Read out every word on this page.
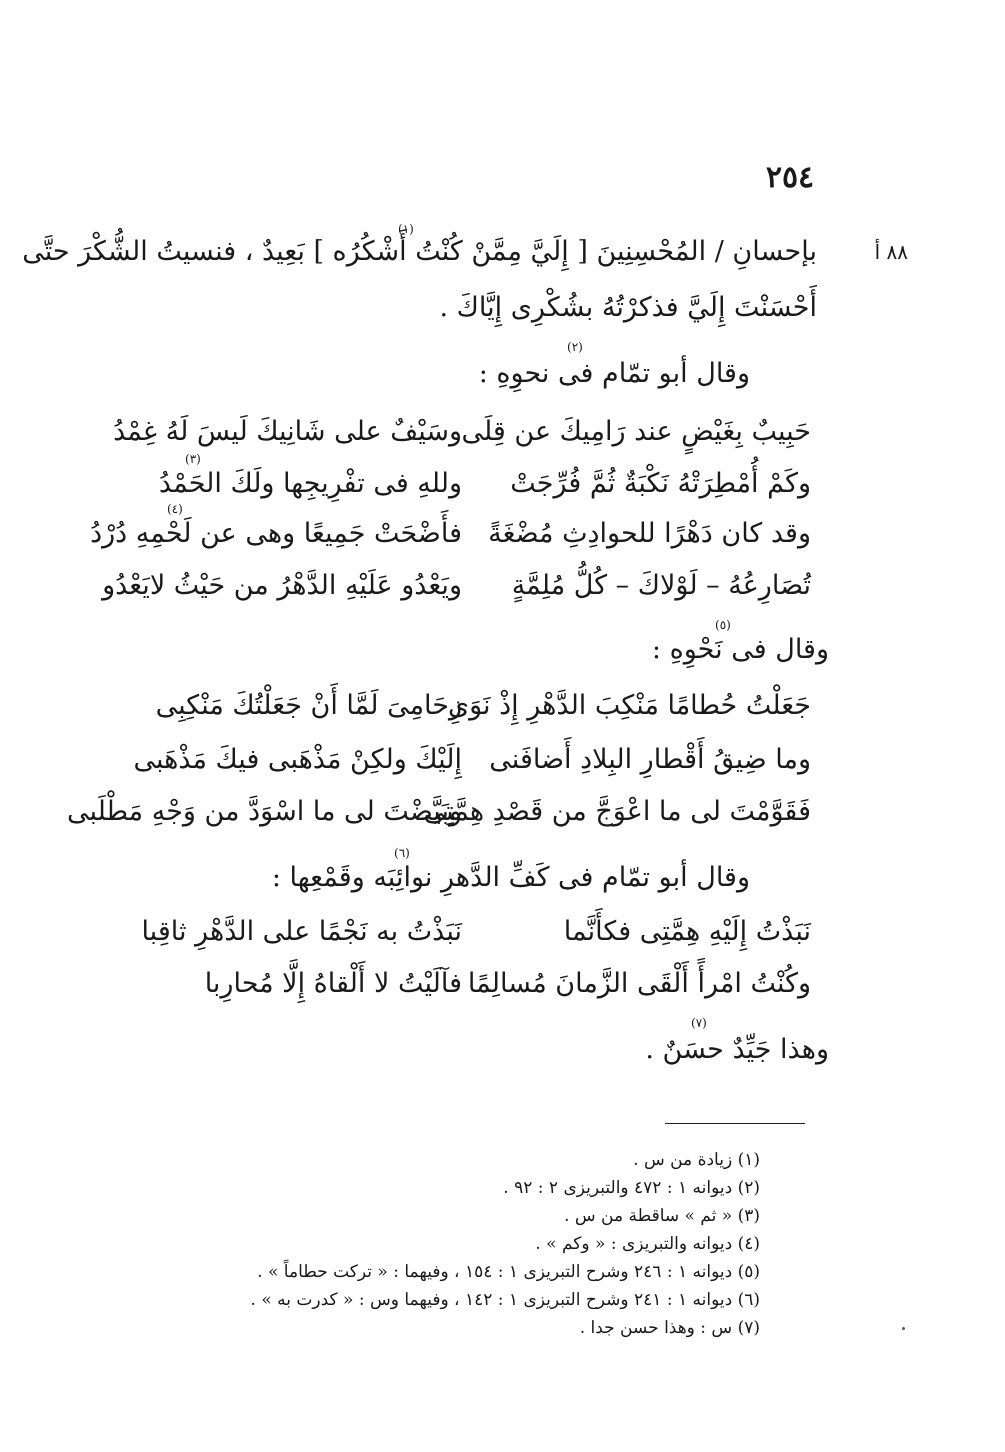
٢٥٤
٨٨ أ
(١)
بإحسانِ / المُحْسِنِينَ [ إِلَيَّ مِمَّنْ كُنْتُ أَشْكُرُه ] بَعِيدٌ ، فنسيتُ الشُّكْرَ حتَّى
أَحْسَنْتَ إِلَيَّ فذكرْتُهُ بشُكْرِى إِيَّاكَ .
(٢)
وقال أبو تمّام فى نحوِهِ :
حَبِيبٌ بِغَيْضٍ عند رَامِيكَ عن قِلَى
وسَيْفٌ على شَانِيكَ لَيسَ لَهُ غِمْدُ
(٣)
وكَمْ أُمْطِرَتْهُ نَكْبَةٌ ثُمَّ فُرِّجَتْ
وللهِ فى تفْرِيجِها ولَكَ الحَمْدُ
(٤)
وقد كان دَهْرًا للحوادِثِ مُضْغَةً
فأَضْحَتْ جَمِيعًا وهى عن لَحْمِهِ دُرْدُ
تُصَارِعُهُ – لَوْلاكَ – كُلُّ مُلِمَّةٍ
ويَعْدُو عَلَيْهِ الدَّهْرُ من حَيْثُ لايَعْدُو
(٥)
وقال فى نَحْوِهِ :
جَعَلْتُ حُطامًا مَنْكِبَ الدَّهْرِ إِذْ نَوَى
زِحَامِىَ لَمَّا أَنْ جَعَلْتُكَ مَنْكِبِى
وما ضِيقُ أَقْطارِ البِلادِ أَضافَنى
إِلَيْكَ ولكِنْ مَذْهَبى فيكَ مَذْهَبى
فَقَوَّمْتَ لى ما اعْوَجَّ من قَصْدِ هِمَّتِى
وبَيَّضْتَ لى ما اسْوَدَّ من وَجْهِ مَطْلَبى
(٦)
وقال أبو تمّام فى كَفِّ الدَّهرِ نوائِبَه وقَمْعِها :
نَبَذْتُ إِلَيْهِ هِمَّتِى فكأَنَّما
نَبَذْتُ به نَجْمًا على الدَّهْرِ ثاقِبا
وكُنْتُ امْرأً أَلْقَى الزَّمانَ مُسالِمًا
فآلَيْتُ لا أَلْقاهُ إِلَّا مُحارِبا
(٧)
وهذا جَيِّدٌ حسَنٌ .
(١) زيادة من س .
(٢) ديوانه ١ : ٤٧٢ والتبريزى ٢ : ٩٢ .
(٣) « ثم » ساقطة من س .
(٤) ديوانه والتبريزى : « وكم » .
(٥) ديوانه ١ : ٢٤٦ وشرح التبريزى ١ : ١٥٤ ، وفيهما : « تركت حطاماً » .
(٦) ديوانه ١ : ٢٤١ وشرح التبريزى ١ : ١٤٢ ، وفيهما وس : « كدرت به » .
(٧) س : وهذا حسن جدا .
